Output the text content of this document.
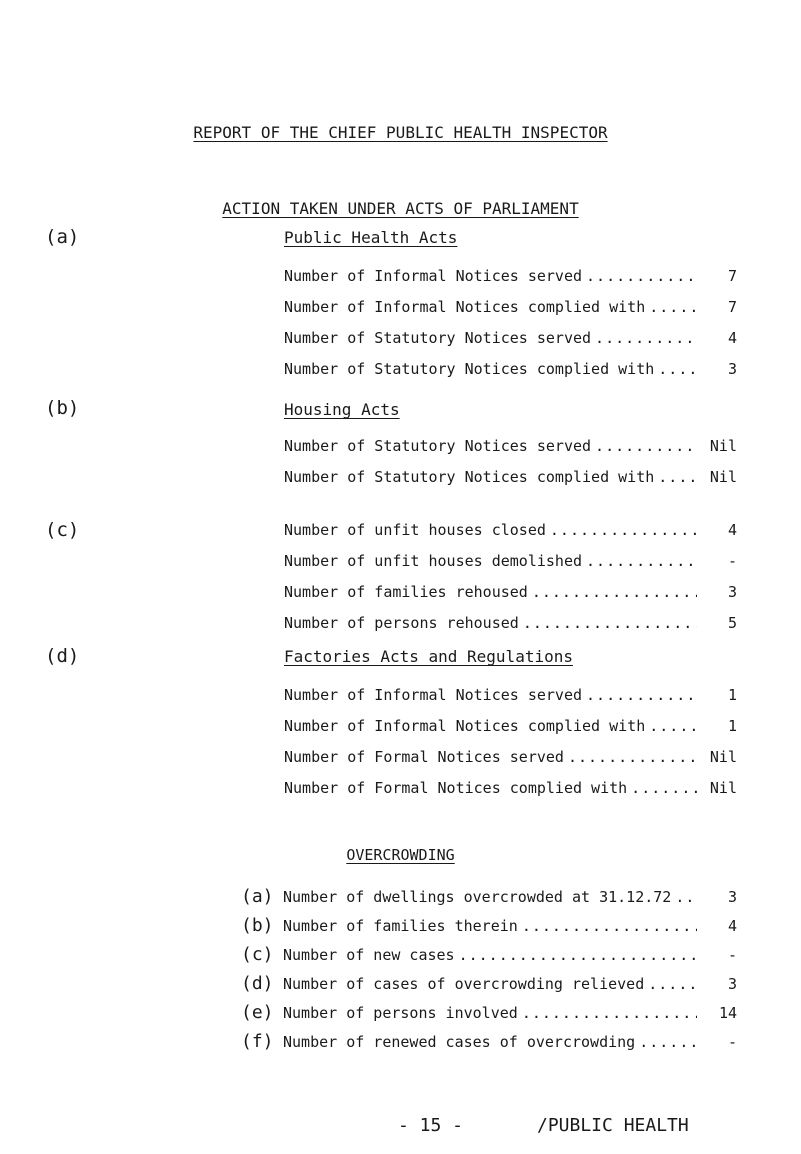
REPORT OF THE CHIEF PUBLIC HEALTH INSPECTOR
ACTION TAKEN UNDER ACTS OF PARLIAMENT
(a)	Public Health Acts
Number of Informal Notices served .....	7
Number of Informal Notices complied with .....	7
Number of Statutory Notices served .....	4
Number of Statutory Notices complied with .....	3
(b)	Housing Acts
Number of Statutory Notices served .....	Nil
Number of Statutory Notices complied with .....	Nil
(c)	Number of unfit houses closed .....	4
Number of unfit houses demolished .....	-
Number of families rehoused .....	3
Number of persons rehoused .....	5
(d)	Factories Acts and Regulations
Number of Informal Notices served .....	1
Number of Informal Notices complied with .....	1
Number of Formal Notices served .....	Nil
Number of Formal Notices complied with .....	Nil
OVERCROWDING
(a) Number of dwellings overcrowded at 31.12.72 .....	3
(b) Number of families therein .....	4
(c) Number of new cases .....	-
(d) Number of cases of overcrowding relieved .....	3
(e) Number of persons involved .....	14
(f) Number of renewed cases of overcrowding .....	-
- 15 -	/PUBLIC HEALTH
